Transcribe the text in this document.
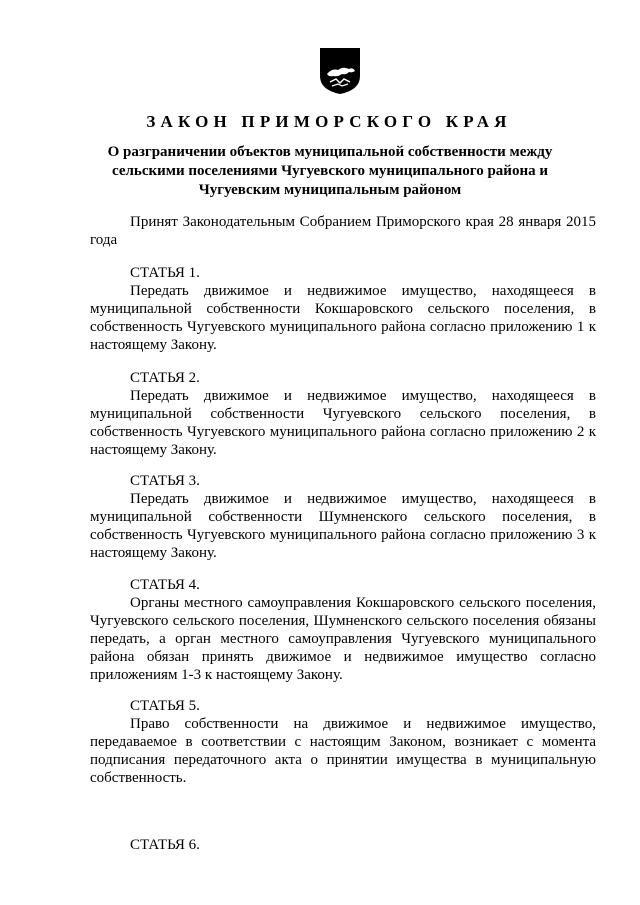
ЗАКОН ПРИМОРСКОГО КРАЯ
О разграничении объектов муниципальной собственности между
сельскими поселениями Чугуевского муниципального района и
Чугуевским муниципальным районом
Принят Законодательным Собранием Приморского края 28 января 2015 года
СТАТЬЯ 1.

Передать движимое и недвижимое имущество, находящееся в муниципальной собственности Кокшаровского сельского поселения, в собственность Чугуевского муниципального района согласно приложению 1 к настоящему Закону.

СТАТЬЯ 2.

Передать движимое и недвижимое имущество, находящееся в муниципальной собственности Чугуевского сельского поселения, в собственность Чугуевского муниципального района согласно приложению 2 к настоящему Закону.

СТАТЬЯ 3.

Передать движимое и недвижимое имущество, находящееся в муниципальной собственности Шумненского сельского поселения, в собственность Чугуевского муниципального района согласно приложению 3 к настоящему Закону.

СТАТЬЯ 4.

Органы местного самоуправления Кокшаровского сельского поселения, Чугуевского сельского поселения, Шумненского сельского поселения обязаны передать, а орган местного самоуправления Чугуевского муниципального района обязан принять движимое и недвижимое имущество согласно приложениям 1-3 к настоящему Закону.

СТАТЬЯ 5.

Право собственности на движимое и недвижимое имущество, передаваемое в соответствии с настоящим Законом, возникает с момента подписания передаточного акта о принятии имущества в муниципальную собственность.

СТАТЬЯ 6.
